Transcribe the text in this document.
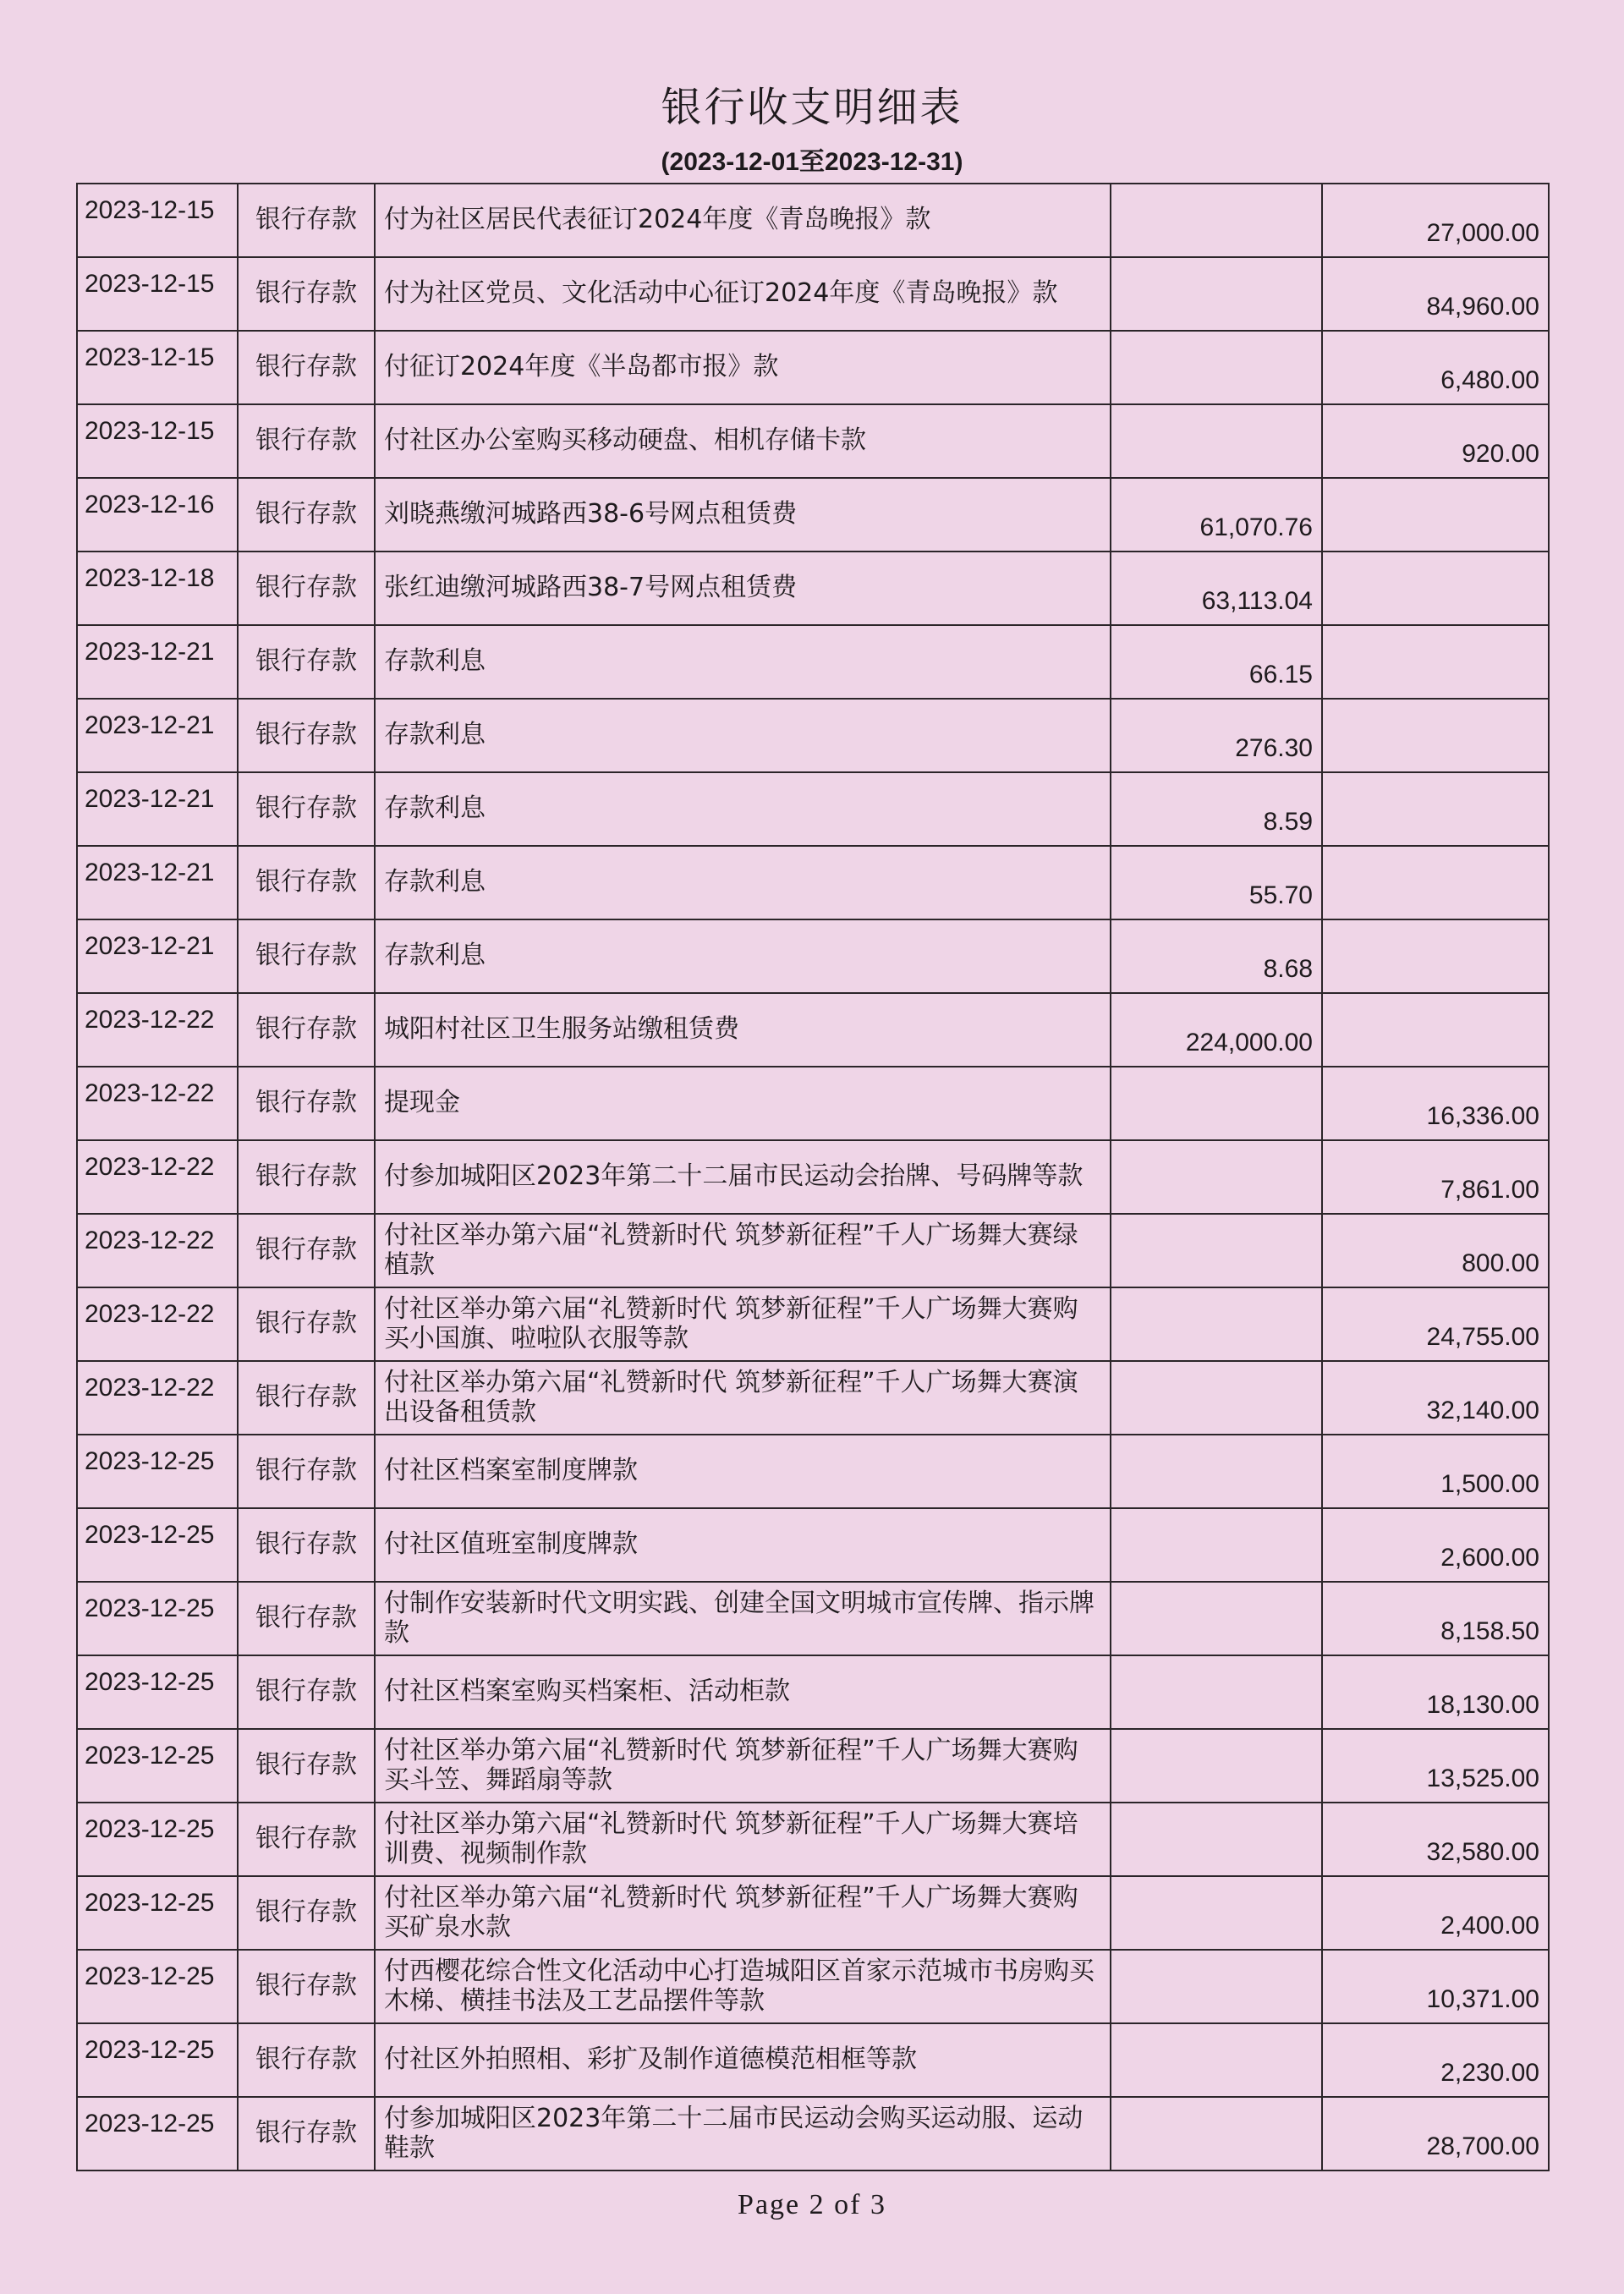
银行收支明细表
(2023-12-01至2023-12-31)
2023-12-15	银行存款	付为社区居民代表征订2024年度《青岛晚报》款		27,000.00
2023-12-15	银行存款	付为社区党员、文化活动中心征订2024年度《青岛晚报》款		84,960.00
2023-12-15	银行存款	付征订2024年度《半岛都市报》款		6,480.00
2023-12-15	银行存款	付社区办公室购买移动硬盘、相机存储卡款		920.00
2023-12-16	银行存款	刘晓燕缴河城路西38-6号网点租赁费	61,070.76	
2023-12-18	银行存款	张红迪缴河城路西38-7号网点租赁费	63,113.04	
2023-12-21	银行存款	存款利息	66.15	
2023-12-21	银行存款	存款利息	276.30	
2023-12-21	银行存款	存款利息	8.59	
2023-12-21	银行存款	存款利息	55.70	
2023-12-21	银行存款	存款利息	8.68	
2023-12-22	银行存款	城阳村社区卫生服务站缴租赁费	224,000.00	
2023-12-22	银行存款	提现金		16,336.00
2023-12-22	银行存款	付参加城阳区2023年第二十二届市民运动会抬牌、号码牌等款		7,861.00
2023-12-22	银行存款	付社区举办第六届“礼赞新时代 筑梦新征程”千人广场舞大赛绿植款		800.00
2023-12-22	银行存款	付社区举办第六届“礼赞新时代 筑梦新征程”千人广场舞大赛购买小国旗、啦啦队衣服等款		24,755.00
2023-12-22	银行存款	付社区举办第六届“礼赞新时代 筑梦新征程”千人广场舞大赛演出设备租赁款		32,140.00
2023-12-25	银行存款	付社区档案室制度牌款		1,500.00
2023-12-25	银行存款	付社区值班室制度牌款		2,600.00
2023-12-25	银行存款	付制作安装新时代文明实践、创建全国文明城市宣传牌、指示牌款		8,158.50
2023-12-25	银行存款	付社区档案室购买档案柜、活动柜款		18,130.00
2023-12-25	银行存款	付社区举办第六届“礼赞新时代 筑梦新征程”千人广场舞大赛购买斗笠、舞蹈扇等款		13,525.00
2023-12-25	银行存款	付社区举办第六届“礼赞新时代 筑梦新征程”千人广场舞大赛培训费、视频制作款		32,580.00
2023-12-25	银行存款	付社区举办第六届“礼赞新时代 筑梦新征程”千人广场舞大赛购买矿泉水款		2,400.00
2023-12-25	银行存款	付西樱花综合性文化活动中心打造城阳区首家示范城市书房购买木梯、横挂书法及工艺品摆件等款		10,371.00
2023-12-25	银行存款	付社区外拍照相、彩扩及制作道德模范相框等款		2,230.00
2023-12-25	银行存款	付参加城阳区2023年第二十二届市民运动会购买运动服、运动鞋款		28,700.00
Page 2 of 3
